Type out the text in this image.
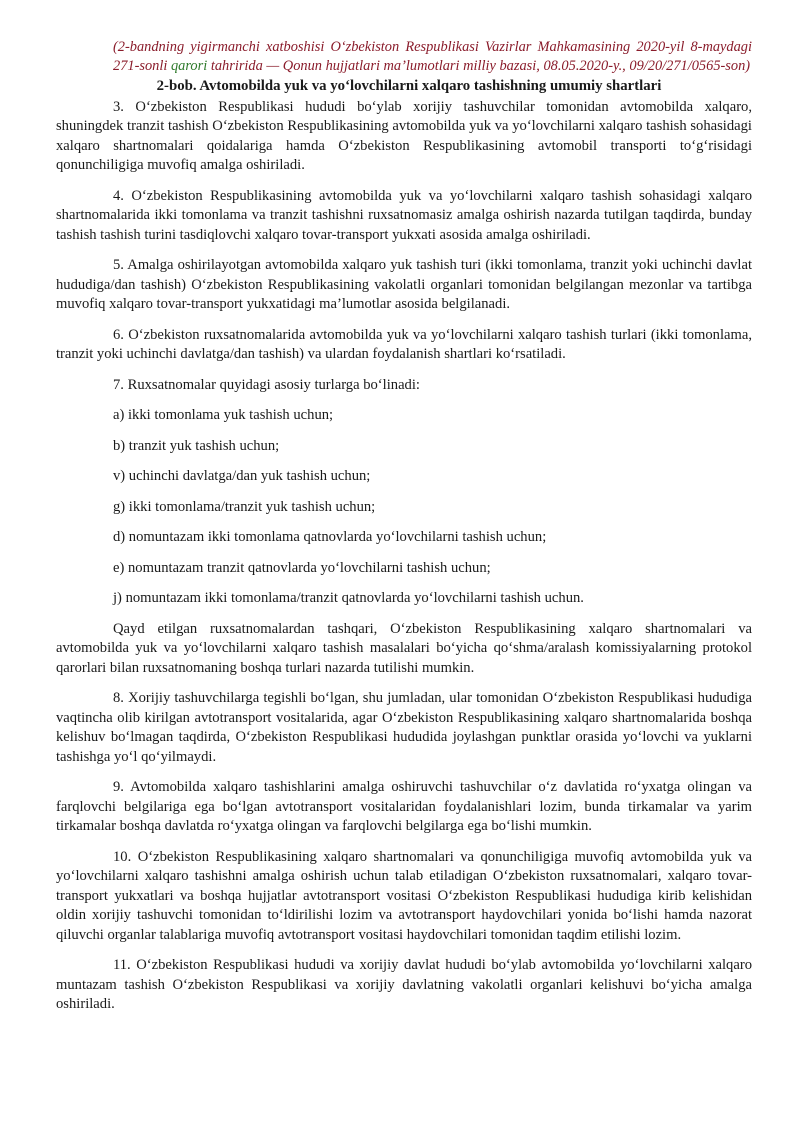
(2-bandning yigirmanchi xatboshisi O‘zbekiston Respublikasi Vazirlar Mahkamasining 2020-yil 8-maydagi 271-sonli qarori tahririda — Qonun hujjatlari ma’lumotlari milliy bazasi, 08.05.2020-y., 09/20/271/0565-son)

2-bob. Avtomobilda yuk va yo‘lovchilarni xalqaro tashishning umumiy shartlari

3. O‘zbekiston Respublikasi hududi bo‘ylab xorijiy tashuvchilar tomonidan avtomobilda xalqaro, shuningdek tranzit tashish O‘zbekiston Respublikasining avtomobilda yuk va yo‘lovchilarni xalqaro tashish sohasidagi xalqaro shartnomalari qoidalariga hamda O‘zbekiston Respublikasining avtomobil transporti to‘g‘risidagi qonunchiligiga muvofiq amalga oshiriladi.

4. O‘zbekiston Respublikasining avtomobilda yuk va yo‘lovchilarni xalqaro tashish sohasidagi xalqaro shartnomalarida ikki tomonlama va tranzit tashishni ruxsatnomasiz amalga oshirish nazarda tutilgan taqdirda, bunday tashish tashish turini tasdiqlovchi xalqaro tovar-transport yukxati asosida amalga oshiriladi.

5. Amalga oshirilayotgan avtomobilda xalqaro yuk tashish turi (ikki tomonlama, tranzit yoki uchinchi davlat hududiga/dan tashish) O‘zbekiston Respublikasining vakolatli organlari tomonidan belgilangan mezonlar va tartibga muvofiq xalqaro tovar-transport yukxatidagi ma’lumotlar asosida belgilanadi.

6. O‘zbekiston ruxsatnomalarida avtomobilda yuk va yo‘lovchilarni xalqaro tashish turlari (ikki tomonlama, tranzit yoki uchinchi davlatga/dan tashish) va ulardan foydalanish shartlari ko‘rsatiladi.

7. Ruxsatnomalar quyidagi asosiy turlarga bo‘linadi:

a) ikki tomonlama yuk tashish uchun;

b) tranzit yuk tashish uchun;

v) uchinchi davlatga/dan yuk tashish uchun;

g) ikki tomonlama/tranzit yuk tashish uchun;

d) nomuntazam ikki tomonlama qatnovlarda yo‘lovchilarni tashish uchun;

e) nomuntazam tranzit qatnovlarda yo‘lovchilarni tashish uchun;

j) nomuntazam ikki tomonlama/tranzit qatnovlarda yo‘lovchilarni tashish uchun.

Qayd etilgan ruxsatnomalardan tashqari, O‘zbekiston Respublikasining xalqaro shartnomalari va avtomobilda yuk va yo‘lovchilarni xalqaro tashish masalalari bo‘yicha qo‘shma/aralash komissiyalarning protokol qarorlari bilan ruxsatnomaning boshqa turlari nazarda tutilishi mumkin.

8. Xorijiy tashuvchilarga tegishli bo‘lgan, shu jumladan, ular tomonidan O‘zbekiston Respublikasi hududiga vaqtincha olib kirilgan avtotransport vositalarida, agar O‘zbekiston Respublikasining xalqaro shartnomalarida boshqa kelishuv bo‘lmagan taqdirda, O‘zbekiston Respublikasi hududida joylashgan punktlar orasida yo‘lovchi va yuklarni tashishga yo‘l qo‘yilmaydi.

9. Avtomobilda xalqaro tashishlarini amalga oshiruvchi tashuvchilar o‘z davlatida ro‘yxatga olingan va farqlovchi belgilariga ega bo‘lgan avtotransport vositalaridan foydalanishlari lozim, bunda tirkamalar va yarim tirkamalar boshqa davlatda ro‘yxatga olingan va farqlovchi belgilarga ega bo‘lishi mumkin.

10. O‘zbekiston Respublikasining xalqaro shartnomalari va qonunchiligiga muvofiq avtomobilda yuk va yo‘lovchilarni xalqaro tashishni amalga oshirish uchun talab etiladigan O‘zbekiston ruxsatnomalari, xalqaro tovar-transport yukxatlari va boshqa hujjatlar avtotransport vositasi O‘zbekiston Respublikasi hududiga kirib kelishidan oldin xorijiy tashuvchi tomonidan to‘ldirilishi lozim va avtotransport haydovchilari yonida bo‘lishi hamda nazorat qiluvchi organlar talablariga muvofiq avtotransport vositasi haydovchilari tomonidan taqdim etilishi lozim.

11. O‘zbekiston Respublikasi hududi va xorijiy davlat hududi bo‘ylab avtomobilda yo‘lovchilarni xalqaro muntazam tashish O‘zbekiston Respublikasi va xorijiy davlatning vakolatli organlari kelishuvi bo‘yicha amalga oshiriladi.
